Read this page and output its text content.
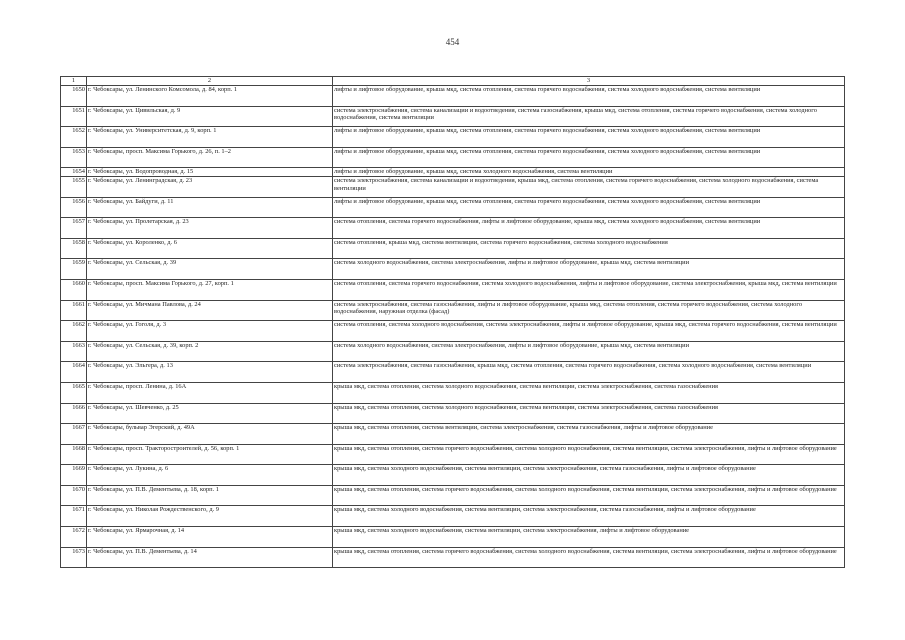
454
1	2	3
1650	г. Чебоксары, ул. Ленинского Комсомола, д. 84, корп. 1	лифты и лифтовое оборудование, крыша мкд, система отопления, система горячего водоснабжения, система холодного водоснабжения, система вентиляции
1651	г. Чебоксары, ул. Цивильская, д. 9	система электроснабжения, система канализации и водоотведения, система газоснабжения, крыша мкд, система отопления, система горячего водоснабжения, система холодного водоснабжения, система вентиляции
1652	г. Чебоксары, ул. Университетская, д. 9, корп. 1	лифты и лифтовое оборудование, крыша мкд, система отопления, система горячего водоснабжения, система холодного водоснабжения, система вентиляции
1653	г. Чебоксары, просп. Максима Горького, д. 26, п. 1–2	лифты и лифтовое оборудование, крыша мкд, система отопления, система горячего водоснабжения, система холодного водоснабжения, система вентиляции
1654	г. Чебоксары, ул. Водопроводная, д. 15	лифты и лифтовое оборудование, крыша мкд, система холодного водоснабжения, система вентиляции
1655	г. Чебоксары, ул. Ленинградская, д. 23	система электроснабжения, система канализации и водоотведения, крыша мкд, система отопления, система горячего водоснабжения, система холодного водоснабжения, система вентиляции
1656	г. Чебоксары, ул. Байдуги, д. 11	лифты и лифтовое оборудование, крыша мкд, система отопления, система горячего водоснабжения, система холодного водоснабжения, система вентиляции
1657	г. Чебоксары, ул. Пролетарская, д. 23	система отопления, система горячего водоснабжения, лифты и лифтовое оборудование, крыша мкд, система холодного водоснабжения, система вентиляции
1658	г. Чебоксары, ул. Короленко, д. 6	система отопления, крыша мкд, система вентиляции, система горячего водоснабжения, система холодного водоснабжения
1659	г. Чебоксары, ул. Сельская, д. 39	система холодного водоснабжения, система электроснабжения, лифты и лифтовое оборудование, крыша мкд, система вентиляции
1660	г. Чебоксары, просп. Максима Горького, д. 27, корп. 1	система отопления, система горячего водоснабжения, система холодного водоснабжения, лифты и лифтовое оборудование, система электроснабжения, крыша мкд, система вентиляции
1661	г. Чебоксары, ул. Мичмана Павлова, д. 24	система электроснабжения, система газоснабжения, лифты и лифтовое оборудование, крыша мкд, система отопления, система горячего водоснабжения, система холодного водоснабжения, наружная отделка (фасад)
1662	г. Чебоксары, ул. Гоголя, д. 3	система отопления, система холодного водоснабжения, система электроснабжения, лифты и лифтовое оборудование, крыша мкд, система горячего водоснабжения, система вентиляции
1663	г. Чебоксары, ул. Сельская, д. 39, корп. 2	система холодного водоснабжения, система электроснабжения, лифты и лифтовое оборудование, крыша мкд, система вентиляции
1664	г. Чебоксары, ул. Эльгера, д. 13	система электроснабжения, система газоснабжения, крыша мкд, система отопления, система горячего водоснабжения, система холодного водоснабжения, система вентиляции
1665	г. Чебоксары, просп. Ленина, д. 16А	крыша мкд, система отопления, система холодного водоснабжения, система вентиляции, система электроснабжения, система газоснабжения
1666	г. Чебоксары, ул. Шевченко, д. 25	крыша мкд, система отопления, система холодного водоснабжения, система вентиляции, система электроснабжения, система газоснабжения
1667	г. Чебоксары, бульвар Эгерский, д. 49А	крыша мкд, система отопления, система вентиляции, система электроснабжения, система газоснабжения, лифты и лифтовое оборудование
1668	г. Чебоксары, просп. Тракторостроителей, д. 56, корп. 1	крыша мкд, система отопления, система горячего водоснабжения, система холодного водоснабжения, система вентиляции, система электроснабжения, лифты и лифтовое оборудование
1669	г. Чебоксары, ул. Лукина, д. 6	крыша мкд, система холодного водоснабжения, система вентиляции, система электроснабжения, система газоснабжения, лифты и лифтовое оборудование
1670	г. Чебоксары, ул. П.В. Дементьева, д. 18, корп. 1	крыша мкд, система отопления, система горячего водоснабжения, система холодного водоснабжения, система вентиляции, система электроснабжения, лифты и лифтовое оборудование
1671	г. Чебоксары, ул. Николая Рождественского, д. 9	крыша мкд, система холодного водоснабжения, система вентиляции, система электроснабжения, система газоснабжения, лифты и лифтовое оборудование
1672	г. Чебоксары, ул. Ярмарочная, д. 14	крыша мкд, система холодного водоснабжения, система вентиляции, система электроснабжения, лифты и лифтовое оборудование
1673	г. Чебоксары, ул. П.В. Дементьева, д. 14	крыша мкд, система отопления, система горячего водоснабжения, система холодного водоснабжения, система вентиляции, система электроснабжения, лифты и лифтовое оборудование
